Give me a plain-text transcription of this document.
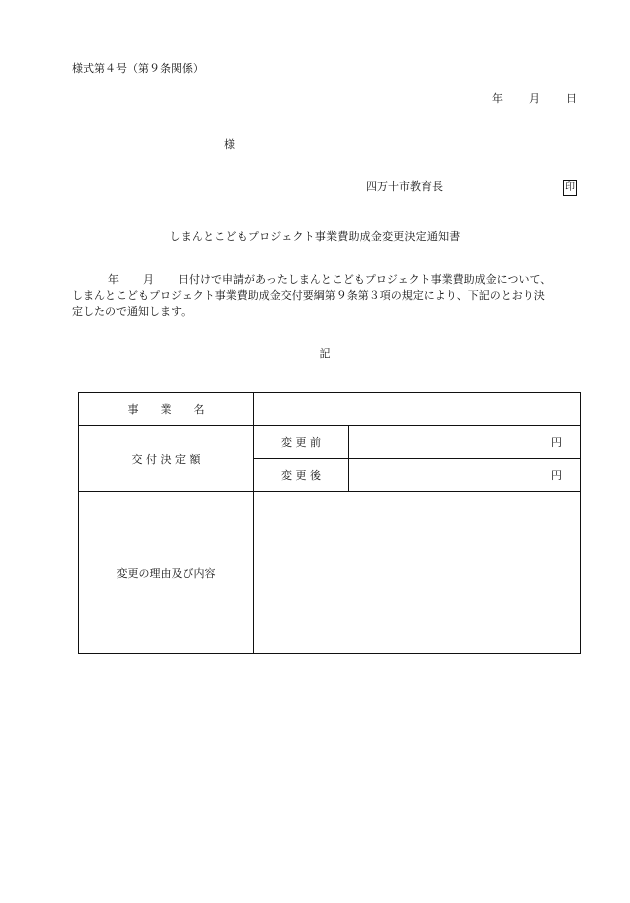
様式第４号（第９条関係）
年 月 日
様
四万十市教育長	印
しまんとこどもプロジェクト事業費助成金変更決定通知書
年 月 日付けで申請があったしまんとこどもプロジェクト事業費助成金について、
しまんとこどもプロジェクト事業費助成金交付要綱第９条第３項の規定により、下記のとおり決
定したので通知します。
記
事　　業　　名		
交 付 決 定 額	変 更 前	円
	変 更 後	円
変更の理由及び内容		
